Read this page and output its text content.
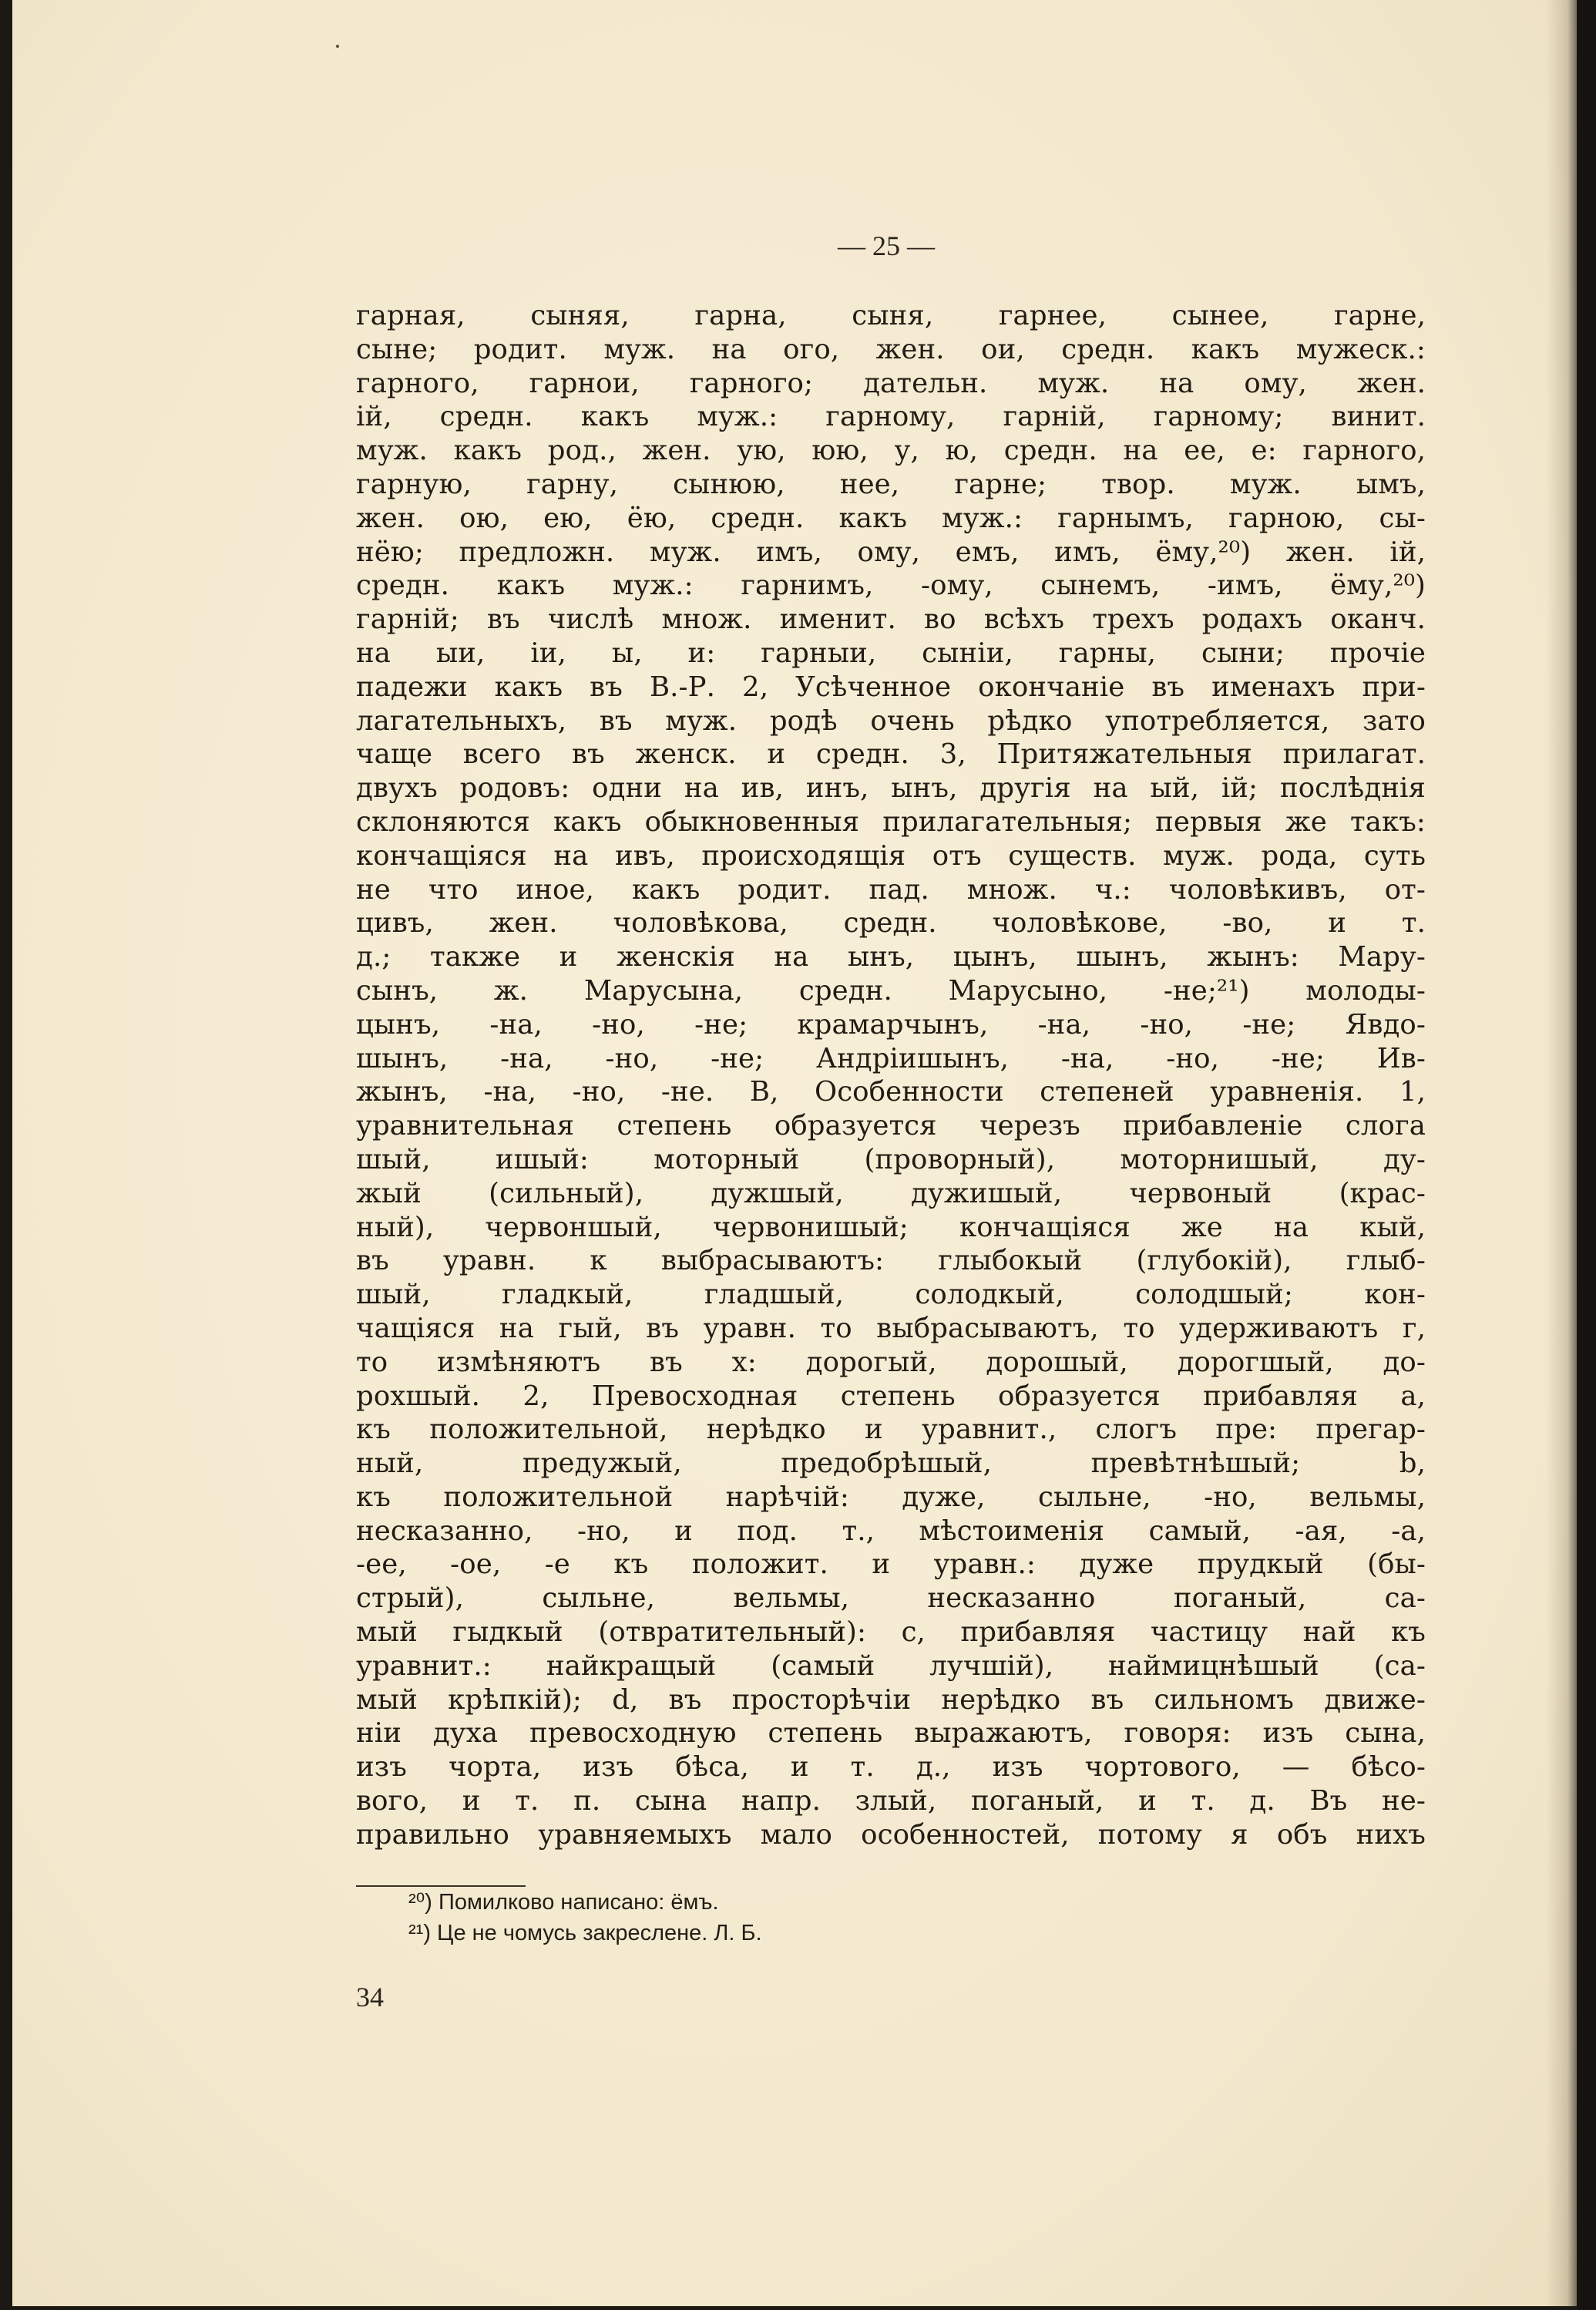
— 25 —
гарная, сыняя, гарна, сыня, гарнее, сынее, гарне,
сыне; родит. муж. на ого, жен. ои, средн. какъ мужеск.:
гарного, гарнои, гарного; дательн. муж. на ому, жен.
ій, средн. какъ муж.: гарному, гарній, гарному; винит.
муж. какъ род., жен. ую, юю, у, ю, средн. на ее, е: гарного,
гарную, гарну, сынюю, нее, гарне; твор. муж. ымъ,
жен. ою, ею, ёю, средн. какъ муж.: гарнымъ, гарною, сы-
нёю; предложн. муж. имъ, ому, емъ, имъ, ёму,²⁰) жен. ій,
средн. какъ муж.: гарнимъ, -ому, сынемъ, -имъ, ёму,²⁰)
гарній; въ числѣ множ. именит. во всѣхъ трехъ родахъ оканч.
на ыи, іи, ы, и: гарныи, сыніи, гарны, сыни; прочіе
падежи какъ въ В.-Р. 2, Усѣченное окончаніе въ именахъ при-
лагательныхъ, въ муж. родѣ очень рѣдко употребляется, зато
чаще всего въ женск. и средн. 3, Притяжательныя прилагат.
двухъ родовъ: одни на ив, инъ, ынъ, другія на ый, ій; послѣднія
склоняются какъ обыкновенныя прилагательныя; первыя же такъ:
кончащіяся на ивъ, происходящія отъ существ. муж. рода, суть
не что иное, какъ родит. пад. множ. ч.: чоловѣкивъ, от-
цивъ, жен. чоловѣкова, средн. чоловѣкове, -во, и т.
д.; также и женскія на ынъ, цынъ, шынъ, жынъ: Мару-
сынъ, ж. Марусына, средн. Марусыно, -не;²¹) молоды-
цынъ, -на, -но, -не; крамарчынъ, -на, -но, -не; Явдо-
шынъ, -на, -но, -не; Андріишынъ, -на, -но, -не; Ив-
жынъ, -на, -но, -не. В, Особенности степеней уравненія. 1,
уравнительная степень образуется черезъ прибавленіе слога
шый, ишый: моторный (проворный), моторнишый, ду-
жый (сильный), дужшый, дужишый, червоный (крас-
ный), червоншый, червонишый; кончащіяся же на кый,
въ уравн. к выбрасываютъ: глыбокый (глубокій), глыб-
шый, гладкый, гладшый, солодкый, солодшый; кон-
чащіяся на гый, въ уравн. то выбрасываютъ, то удерживаютъ г,
то измѣняютъ въ х: дорогый, дорошый, дорогшый, до-
рохшый. 2, Превосходная степень образуется прибавляя а,
къ положительной, нерѣдко и уравнит., слогъ пре: прегар-
ный, предужый, предобрѣшый, превѣтнѣшый; b,
къ положительной нарѣчій: дуже, сыльне, -но, вельмы,
несказанно, -но, и под. т., мѣстоименія самый, -ая, -а,
-ее, -ое, -е къ положит. и уравн.: дуже прудкый (бы-
стрый), сыльне, вельмы, несказанно поганый, са-
мый гыдкый (отвратительный): с, прибавляя частицу най къ
уравнит.: найкращый (самый лучшій), наймицнѣшый (са-
мый крѣпкій); d, въ просторѣчіи нерѣдко въ сильномъ движе-
ніи духа превосходную степень выражаютъ, говоря: изъ сына,
изъ чорта, изъ бѣса, и т. д., изъ чортового, — бѣсо-
вого, и т. п. сына напр. злый, поганый, и т. д. Въ не-
правильно уравняемыхъ мало особенностей, потому я объ нихъ
²⁰) Помилково написано: ёмъ.
²¹) Це не чомусь закреслене. Л. Б.
34
